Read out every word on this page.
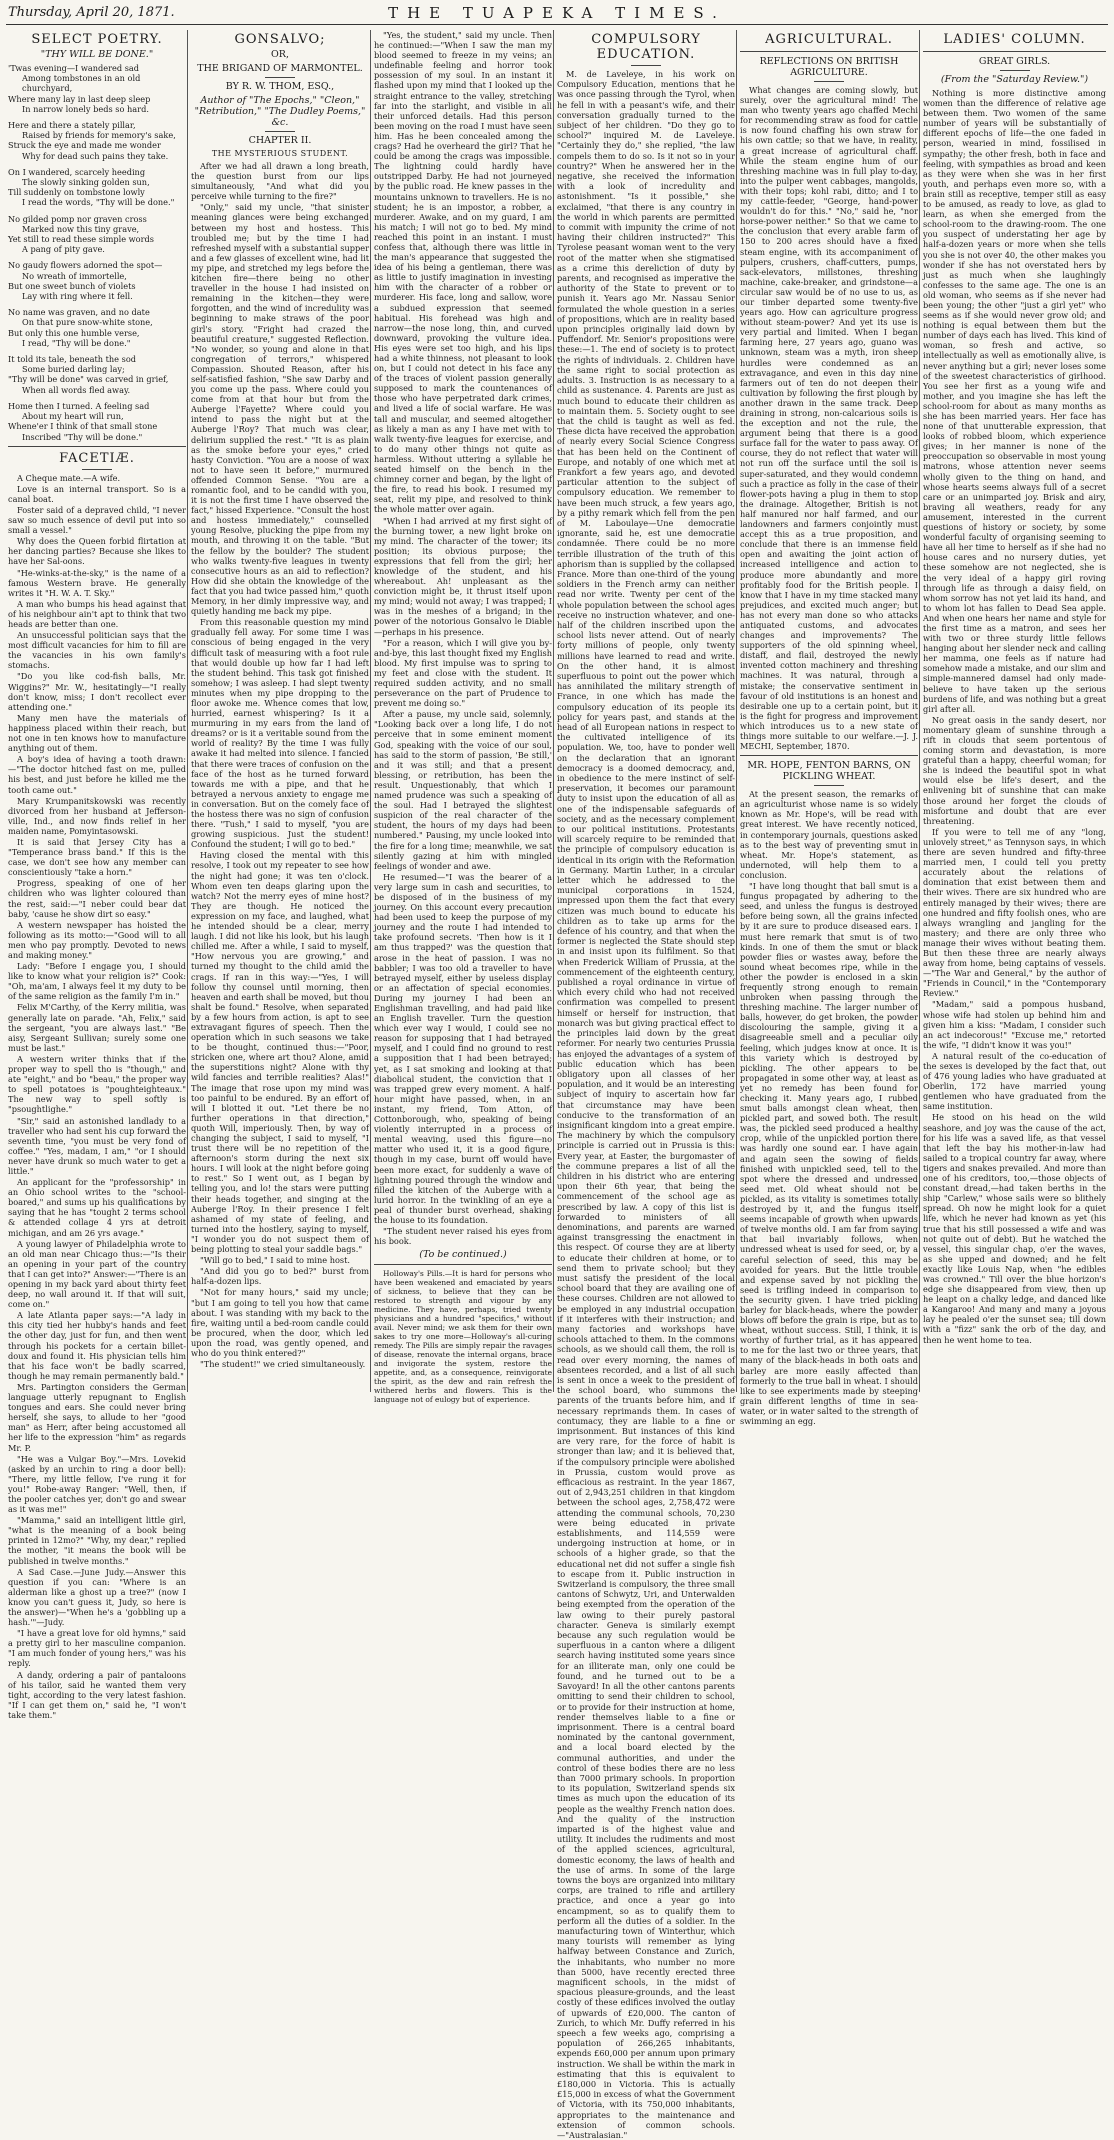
Thursday, April 20, 1871.	THE TUAPEKA TIMES.
SELECT POETRY.
"THY WILL BE DONE."

'Twas evening—I wandered sad

Among tombstones in an old churchyard,

Where many lay in last deep sleep

In narrow lonely beds so hard.

Here and there a stately pillar,

Raised by friends for memory's sake,

Struck the eye and made me wonder

Why for dead such pains they take.

On I wandered, scarcely heeding

The slowly sinking golden sun,

Till suddenly on tombstone lowly

I read the words, "Thy will be done."

No gilded pomp nor graven cross

Marked now this tiny grave,

Yet still to read these simple words

A pang of pity gave.

No gaudy flowers adorned the spot—

No wreath of immortelle,

But one sweet bunch of violets

Lay with ring where it fell.

No name was graven, and no date

On that pure snow-white stone,

But only this one humble verse,

I read, "Thy will be done."

It told its tale, beneath the sod

Some buried darling lay;

"Thy will be done" was carved in grief,

When all words fled away.

Home then I turned. A feeling sad

About my heart will run,

Whene'er I think of that small stone

Inscribed "Thy will be done."

FACETIÆ.

A Cheque mate.—A wife.

Love is an internal transport. So is a canal boat.

Foster said of a depraved child, "I never saw so much essence of devil put into so small a vessel."

Why does the Queen forbid flirtation at her dancing parties? Because she likes to have her Sal-oons.

"He-winks-at-the-sky," is the name of a famous Western brave. He generally writes it "H. W. A. T. Sky."

A man who bumps his head against that of his neighbour ain't apt to think that two heads are better than one.

An unsuccessful politician says that the most difficult vacancies for him to fill are the vacancies in his own family's stomachs.

"Do you like cod-fish balls, Mr. Wiggins?" Mr. W., hesitatingly—"I really don't know, miss; I don't recollect ever attending one."

Many men have the materials of happiness placed within their reach, but not one in ten knows how to manufacture anything out of them.

A boy's idea of having a tooth drawn:—"The doctor hitched fast on me, pulled his best, and just before he killed me the tooth came out."

Mary Krumpanitskowski was recently divorced from her husband at Jefferson-ville, Ind., and now finds relief in her maiden name, Pomyintasowski.

It is said that Jersey City has a "Temperance brass band." If this is the case, we don't see how any member can conscientiously "take a horn."

Progress, speaking of one of her children who was lighter coloured than the rest, said:—"I neber could bear dat baby, 'cause he show dirt so easy."

A western newspaper has hoisted the following as its motto:—"Good will to all men who pay promptly. Devoted to news and making money."

Lady: "Before I engage you, I should like to know what your religion is?" Cook: "Oh, ma'am, I always feel it my duty to be of the same religion as the family I'm in."

Felix M'Carthy, of the Kerry militia, was generally late on parade. "Ah, Felix," said the sergeant, "you are always last." "Be aisy, Sergeant Sullivan; surely some one must be last."

A western writer thinks that if the proper way to spell tho is "though," and ate "eight," and bo "beau," the proper way to spell potatoes is "poughteighteaux." The new way to spell softly is "psoughtlighe."

"Sir," said an astonished landlady to a traveller who had sent his cup forward the seventh time, "you must be very fond of coffee." "Yes, madam, I am," "or I should never have drunk so much water to get a little."

An applicant for the "professorship" in an Ohio school writes to the "school-boared," and sums up his qualifications by saying that he has "tought 2 terms school & attended collage 4 yrs at detroit michigan, and am 26 yrs avage."

A young lawyer of Philadelphia wrote to an old man near Chicago thus:—"Is their an opening in your part of the country that I can get into?" Answer:—"There is an opening in my back yard about thirty feet deep, no wall around it. If that will suit, come on."

A late Atlanta paper says:—"A lady in this city tied her hubby's hands and feet the other day, just for fun, and then went through his pockets for a certain billet-doux and found it. His physician tells him that his face won't be badly scarred, though he may remain permanently bald."

Mrs. Partington considers the German language utterly repugnant to English tongues and ears. She could never bring herself, she says, to allude to her "good man" as Herr, after being accustomed all her life to the expression "him" as regards Mr. P.

"He was a Vulgar Boy."—Mrs. Lovekid (asked by an urchin to ring a door bell): "There, my little fellow, I've rung it for you!" Robe-away Ranger: "Well, then, if the pooler catches yer, don't go and swear as it was me!"

"Mamma," said an intelligent little girl, "what is the meaning of a book being printed in 12mo?" "Why, my dear," replied the mother, "it means the book will be published in twelve months."

A Sad Case.—June Judy.—Answer this question if you can: "Where is an alderman like a ghost up a tree?" (now I know you can't guess it, Judy, so here is the answer)—"When he's a 'gobbling up a hash.'"—Judy.

"I have a great love for old hymns," said a pretty girl to her masculine companion. "I am much fonder of young hers," was his reply.

A dandy, ordering a pair of pantaloons of his tailor, said he wanted them very tight, according to the very latest fashion. "If I can get them on," said he, "I won't take them."

GONSALVO;
OR,
THE BRIGAND OF MARMONTEL.
BY R. W. THOM, ESQ.,
Author of "The Epochs," "Cleon," "Retribution," "The Dudley Poems," &c.
CHAPTER II.
THE MYSTERIOUS STUDENT.

After we had all drawn a long breath, the question burst from our lips simultaneously, "And what did you perceive while turning to the fire?"

"Only," said my uncle, "that sinister meaning glances were being exchanged between my host and hostess. This troubled me; but by the time I had refreshed myself with a substantial supper and a few glasses of excellent wine, had lit my pipe, and stretched my legs before the kitchen fire—there being no other traveller in the house I had insisted on remaining in the kitchen—they were forgotten, and the wind of incredulity was beginning to make straws of the poor girl's story. "Fright had crazed the beautiful creature," suggested Reflection. "No wonder, so young and alone in that congregation of terrors," whispered Compassion. Shouted Reason, after his self-satisfied fashion, "She saw Darby and you come up the pass. Where could you come from at that hour but from the Auberge l'Fayette? Where could you intend to pass the night but at the Auberge l'Roy? That much was clear, delirium supplied the rest." "It is as plain as the smoke before your eyes," cried hasty Conviction. "You are a noose of wax not to have seen it before," murmured offended Common Sense. "You are a romantic fool, and to be candid with you, it is not the first time I have observed the fact," hissed Experience. "Consult the host and hostess immediately," counselled young Resolve, plucking the pipe from my mouth, and throwing it on the table. "But the fellow by the boulder? The student who walks twenty-five leagues in twenty consecutive hours as an aid to reflection? How did she obtain the knowledge of the fact that you had twice passed him," quoth Memory, in her dimly impressive way, and quietly handing me back my pipe.

From this reasonable question my mind gradually fell away. For some time I was conscious of being engaged in the very difficult task of measuring with a foot rule that would double up how far I had left the student behind. This task got finished somehow; I was asleep. I had slept twenty minutes when my pipe dropping to the floor awoke me. Whence comes that low, hurried, earnest whispering? Is it a murmuring in my ears from the land of dreams? or is it a veritable sound from the world of reality? By the time I was fully awake it had melted into silence. I fancied that there were traces of confusion on the face of the host as he turned forward towards me with a pipe, and that he betrayed a nervous anxiety to engage me in conversation. But on the comely face of the hostess there was no sign of confusion there. "Tush," I said to myself, "you are growing suspicious. Just the student! Confound the student; I will go to bed."

Having closed the mental with this resolve, I took out my repeater to see how the night had gone; it was ten o'clock. Whom even ten deaps glaring upon the watch? Not the merry eyes of mine host? They are though. He noticed the expression on my face, and laughed, what he intended should be a clear, merry laugh. I did not like his look, but his laugh chilled me. After a while, I said to myself, "How nervous you are growing," and turned my thought to the child amid the crags. If ran in this way:—"Yes, I will follow thy counsel until morning, then heaven and earth shall be moved, but thou shalt be found." Resolve, when separated by a few hours from action, is apt to see extravagant figures of speech. Then the operation which in such seasons we take to be thought, continued thus:—"Poor, stricken one, where art thou? Alone, amid the superstitions night? Alone with thy wild fancies and terrible realities? Alas!" The image that rose upon my mind was too painful to be endured. By an effort of will I blotted it out. "Let there be no further operations in that direction," quoth Will, imperiously. Then, by way of changing the subject, I said to myself, "I trust there will be no repetition of the afternoon's storm during the next six hours. I will look at the night before going to rest." So I went out, as I began by telling you, and lo! the stars were putting their heads together, and singing at the Auberge l'Roy. In their presence I felt ashamed of my state of feeling, and turned into the hostlery, saying to myself, "I wonder you do not suspect them of being plotting to steal your saddle bags."

"Will go to bed," I said to mine host.

"And did you go to bed?" burst from half-a-dozen lips.

"Not for many hours," said my uncle; "but I am going to tell you how that came about. I was standing with my back to the fire, waiting until a bed-room candle could be procured, when the door, which led upon the road, was gently opened, and who do you think entered?"

"The student!" we cried simultaneously.

"Yes, the student," said my uncle. Then he continued:—"When I saw the man my blood seemed to freeze in my veins; an undefinable feeling and horror took possession of my soul. In an instant it flashed upon my mind that I looked up the straight entrance to the valley, stretching far into the starlight, and visible in all their unforced details. Had this person been moving on the road I must have seen him. Has he been concealed among the crags? Had he overheard the girl? That he could be among the crags was impossible. The lightning could hardly have outstripped Darby. He had not journeyed by the public road. He knew passes in the mountains unknown to travellers. He is no student; he is an impostor, a robber, a murderer. Awake, and on my guard, I am his match; I will not go to bed. My mind reached this point in an instant. I must confess that, although there was little in the man's appearance that suggested the idea of his being a gentleman, there was as little to justify imagination in investing him with the character of a robber or murderer. His face, long and sallow, wore a subdued expression that seemed habitual. His forehead was high and narrow—the nose long, thin, and curved downward, provoking the vulture idea. His eyes were set too high, and his lips had a white thinness, not pleasant to look on, but I could not detect in his face any of the traces of violent passion generally supposed to mark the countenances of those who have perpetrated dark crimes, and lived a life of social warfare. He was tall and muscular, and seemed altogether as likely a man as any I have met with to walk twenty-five leagues for exercise, and to do many other things not quite as harmless. Without uttering a syllable he seated himself on the bench in the chimney corner and began, by the light of the fire, to read his book. I resumed my seat, relit my pipe, and resolved to think the whole matter over again.

"When I had arrived at my first sight of the burning tower, a new light broke on my mind. The character of the tower; its position; its obvious purpose; the expressions that fell from the girl; her knowledge of the student, and his whereabout. Ah! unpleasant as the conviction might be, it thrust itself upon my mind; would not away; I was trapped; I was in the meshes of a brigand; in the power of the notorious Gonsalvo le Diable—perhaps in his presence.

"For a reason, which I will give you by-and-bye, this last thought fixed my English blood. My first impulse was to spring to my feet and close with the student. It required sudden activity, and no small perseverance on the part of Prudence to prevent me doing so."

After a pause, my uncle said, solemnly, "Looking back over a long life, I do not perceive that in some eminent moment God, speaking with the voice of our soul, has said to the storm of passion, 'Be still,' and it was still; and that a present blessing, or retribution, has been the result. Unquestionably, that which I named prudence was such a speaking of the soul. Had I betrayed the slightest suspicion of the real character of the student, the hours of my days had been numbered." Pausing, my uncle looked into the fire for a long time; meanwhile, we sat silently gazing at him with mingled feelings of wonder and awe.

He resumed—"I was the bearer of a very large sum in cash and securities, to be disposed of in the business of my journey. On this account every precaution had been used to keep the purpose of my journey and the route I had intended to take profound secrets. 'Then how is it I am thus trapped?' was the question that arose in the heat of passion. I was no babbler; I was too old a traveller to have betrayed myself, either by useless display or an affectation of special economies. During my journey I had been an Englishman travelling, and had paid like an English traveller. Turn the question which ever way I would, I could see no reason for supposing that I had betrayed myself, and I could find no ground to rest a supposition that I had been betrayed; yet, as I sat smoking and looking at that diabolical student, the conviction that I was trapped grew every moment. A half-hour might have passed, when, in an instant, my friend, Tom Atton, of Cottonborough, who, speaking of being violently interrupted in a process of mental weaving, used this figure—no matter who used it, it is a good figure, though in my case, burnt off would have been more exact, for suddenly a wave of lightning poured through the window and filled the kitchen of the Auberge with a lurid horror. In the twinkling of an eye a peal of thunder burst overhead, shaking the house to its foundation.

"The student never raised his eyes from his book.

(To be continued.)

Holloway's Pills.—It is hard for persons who have been weakened and emaciated by years of sickness, to believe that they can be restored to strength and vigour by any medicine. They have, perhaps, tried twenty physicians and a hundred "specifics," without avail. Never mind; we ask them for their own sakes to try one more—Holloway's all-curing remedy. The Pills are simply repair the ravages of disease, renovate the internal organs, brace and invigorate the system, restore the appetite, and, as a consequence, reinvigorate the spirit, as the dew and rain refresh the withered herbs and flowers. This is the language not of eulogy but of experience.

COMPULSORY EDUCATION.

M. de Laveleye, in his work on Compulsory Education, mentions that he was once passing through the Tyrol, when he fell in with a peasant's wife, and their conversation gradually turned to the subject of her children. "Do they go to school?" inquired M. de Laveleye. "Certainly they do," she replied, "the law compels them to do so. Is it not so in your country?" When he answered her in the negative, she received the information with a look of incredulity and astonishment. "Is it possible," she exclaimed, "that there is any country in the world in which parents are permitted to commit with impunity the crime of not having their children instructed?" This Tyrolese peasant woman went to the very root of the matter when she stigmatised as a crime this dereliction of duty by parents, and recognised as imperative the authority of the State to prevent or to punish it. Years ago Mr. Nassau Senior formulated the whole question in a series of propositions, which are in reality based upon principles originally laid down by Puffendorf. Mr. Senior's propositions were these:—1. The end of society is to protect the rights of individuals. 2. Children have the same right to social protection as adults. 3. Instruction is as necessary to a child as sustenance. 4. Parents are just as much bound to educate their children as to maintain them. 5. Society ought to see that the child is taught as well as fed. These dicta have received the approbation of nearly every Social Science Congress that has been held on the Continent of Europe, and notably of one which met at Frankfort a few years ago, and devoted particular attention to the subject of compulsory education. We remember to have been much struck, a few years ago, by a pithy remark which fell from the pen of M. Laboulaye—Une democratie ignorante, said he, est une democratie condamnée. There could be no more terrible illustration of the truth of this aphorism than is supplied by the collapsed France. More than one-third of the young soldiers in the French army can neither read nor write. Twenty per cent of the whole population between the school ages receive no instruction whatever, and one-half of the children inscribed upon the school lists never attend. Out of nearly forty millions of people, only twenty millions have learned to read and write. On the other hand, it is almost superfluous to point out the power which has annihilated the military strength of France, in one which has made the compulsory education of its people its policy for years past, and stands at the head of all European nations in respect to the cultivated intelligence of its population. We, too, have to ponder well on the declaration that an ignorant democracy is a doomed democracy, and, in obedience to the mere instinct of self-preservation, it becomes our paramount duty to insist upon the education of all as one of the indispensable safeguards of society, and as the necessary complement to our political institutions. Protestants will scarcely require to be reminded that the principle of compulsory education is identical in its origin with the Reformation in Germany. Martin Luther, in a circular letter which he addressed to the municipal corporations in 1524, impressed upon them the fact that every citizen was much bound to educate his children as to take up arms for the defence of his country, and that when the former is neglected the State should step in and insist upon its fulfilment. So that when Frederick William of Prussia, at the commencement of the eighteenth century, published a royal ordinance in virtue of which every child who had not received confirmation was compelled to present himself or herself for instruction, that monarch was but giving practical effect to the principles laid down by the great reformer. For nearly two centuries Prussia has enjoyed the advantages of a system of public education which has been obligatory upon all classes of her population, and it would be an interesting subject of inquiry to ascertain how far that circumstance may have been conducive to the transformation of an insignificant kingdom into a great empire. The machinery by which the compulsory principle is carried out in Prussia is this: Every year, at Easter, the burgomaster of the commune prepares a list of all the children in his district who are entering upon their 6th year, that being the commencement of the school age as prescribed by law. A copy of this list is forwarded to ministers of all denominations, and parents are warned against transgressing the enactment in this respect. Of course they are at liberty to educate their children at home, or to send them to private school; but they must satisfy the president of the local school board that they are availing one of these courses. Children are not allowed to be employed in any industrial occupation if it interferes with their instruction; and many factories and workshops have schools attached to them. In the commons schools, as we should call them, the roll is read over every morning, the names of absentees recorded, and a list of all such is sent in once a week to the president of the school board, who summons the parents of the truants before him, and if necessary reprimands them. In cases of contumacy, they are liable to a fine or imprisonment. But instances of this kind are very rare, for the force of habit is stronger than law; and it is believed that, if the compulsory principle were abolished in Prussia, custom would prove as efficacious as restraint. In the year 1867, out of 2,943,251 children in that kingdom between the school ages, 2,758,472 were attending the communal schools, 70,230 were being educated in private establishments, and 114,559 were undergoing instruction at home, or in schools of a higher grade, so that the educational net did not suffer a single fish to escape from it. Public instruction in Switzerland is compulsory, the three small cantons of Schwytz, Uri, and Unterwalden being exempted from the operation of the law owing to their purely pastoral character. Geneva is similarly exempt because any such regulation would be superfluous in a canton where a diligent search having instituted some years since for an illiterate man, only one could be found, and he turned out to be a Savoyard! In all the other cantons parents omitting to send their children to school, or to provide for their instruction at home, render themselves liable to a fine or imprisonment. There is a central board nominated by the cantonal government, and a local board elected by the communal authorities, and under the control of these bodies there are no less than 7000 primary schools. In proportion to its population, Switzerland spends six times as much upon the education of its people as the wealthy French nation does. And the quality of the instruction imparted is of the highest value and utility. It includes the rudiments and most of the applied sciences, agricultural, domestic economy, the laws of health and the use of arms. In some of the large towns the boys are organized into military corps, are trained to rifle and artillery practice, and once a year go into encampment, so as to qualify them to perform all the duties of a soldier. In the manufacturing town of Winterthur, which many tourists will remember as lying halfway between Constance and Zurich, the inhabitants, who number no more than 5000, have recently erected three magnificent schools, in the midst of spacious pleasure-grounds, and the least costly of these edifices involved the outlay of upwards of £20,000. The canton of Zurich, to which Mr. Duffy referred in his speech a few weeks ago, comprising a population of 266,265 inhabitants, expends £60,000 per annum upon primary instruction. We shall be within the mark in estimating that this is equivalent to £180,000 in Victoria. This is actually £15,000 in excess of what the Government of Victoria, with its 750,000 inhabitants, appropriates to the maintenance and extension of common schools.—"Australasian."

AGRICULTURAL.
REFLECTIONS ON BRITISH AGRICULTURE.

What changes are coming slowly, but surely, over the agricultural mind! The man who twenty years ago chaffed Mechi for recommending straw as food for cattle is now found chaffing his own straw for his own cattle; so that we have, in reality, a great increase of agricultural chaff. While the steam engine hum of our threshing machine was in full play to-day, into the pulper went cabbages, mangolds, with their tops; kohl rabi, ditto; and I to my cattle-feeder, "George, hand-power wouldn't do for this." "No," said he, "nor horse-power neither." So that we came to the conclusion that every arable farm of 150 to 200 acres should have a fixed steam engine, with its accompaniment of pulpers, crushers, chaff-cutters, pumps, sack-elevators, millstones, threshing machine, cake-breaker, and grindstone—a circular saw would be of no use to us, as our timber departed some twenty-five years ago. How can agriculture progress without steam-power? And yet its use is very partial and limited. When I began farming here, 27 years ago, guano was unknown, steam was a myth, iron sheep hurdles were condemned as an extravagance, and even in this day nine farmers out of ten do not deepen their cultivation by following the first plough by another drawn in the same track. Deep draining in strong, non-calcarious soils is the exception and not the rule, the argument being that there is a good surface fall for the water to pass away. Of course, they do not reflect that water will not run off the surface until the soil is super-saturated, and they would condemn such a practice as folly in the case of their flower-pots having a plug in them to stop the drainage. Altogether, British is not half manured nor half farmed, and our landowners and farmers conjointly must accept this as a true proposition, and conclude that there is an immense field open and awaiting the joint action of increased intelligence and action to produce more abundantly and more profitably food for the British people. I know that I have in my time stacked many prejudices, and excited much anger; but has not every man done so who attacks antiquated customs, and advocates changes and improvements? The supporters of the old spinning wheel, distaff, and flail, destroyed the newly invented cotton machinery and threshing machines. It was natural, through a mistake; the conservative sentiment in favour of old institutions is an honest and desirable one up to a certain point, but it is the fight for progress and improvement which introduces us to a new state of things more suitable to our welfare.—J. J. MECHI, September, 1870.

MR. HOPE, FENTON BARNS, ON PICKLING WHEAT.

At the present season, the remarks of an agriculturist whose name is so widely known as Mr. Hope's, will be read with great interest. We have recently noticed, in contemporary journals, questions asked as to the best way of preventing smut in wheat. Mr. Hope's statement, as undernoted, will help them to a conclusion.

"I have long thought that ball smut is a fungus propagated by adhering to the seed, and unless the fungus is destroyed before being sown, all the grains infected by it are sure to produce diseased ears. I must here remark that smut is of two kinds. In one of them the smut or black powder flies or wastes away, before the sound wheat becomes ripe, while in the other the powder is enclosed in a skin frequently strong enough to remain unbroken when passing through the threshing machine. The larger number of balls, however, do get broken, the powder discolouring the sample, giving it a disagreeable smell and a peculiar oily feeling, which judges know at once. It is this variety which is destroyed by pickling. The other appears to be propagated in some other way, at least as yet no remedy has been found for checking it. Many years ago, I rubbed smut balls amongst clean wheat, then pickled part, and sowed both. The result was, the pickled seed produced a healthy crop, while of the unpickled portion there was hardly one sound ear. I have again and again seen the sowing of fields finished with unpickled seed, tell to the spot where the dressed and undressed seed met. Old wheat should not be pickled, as its vitality is sometimes totally destroyed by it, and the fungus itself seems incapable of growth when upwards of twelve months old. I am far from saying that bail invariably follows, when undressed wheat is used for seed, or, by a careful selection of seed, this may be avoided for years. But the little trouble and expense saved by not pickling the seed is trifling indeed in comparison to the security given. I have tried pickling barley for black-heads, where the powder blows off before the grain is ripe, but as to wheat, without success. Still, I think, it is worthy of further trial, as it has appeared to me for the last two or three years, that many of the black-heads in both oats and barley are more easily affected than formerly to the true ball in wheat. I should like to see experiments made by steeping grain different lengths of time in sea-water, or in water salted to the strength of swimming an egg.

LADIES' COLUMN.
GREAT GIRLS.
(From the "Saturday Review.")

Nothing is more distinctive among women than the difference of relative age between them. Two women of the same number of years will be substantially of different epochs of life—the one faded in person, wearied in mind, fossilised in sympathy; the other fresh, both in face and feeling, with sympathies as broad and keen as they were when she was in her first youth, and perhaps even more so, with a brain still as receptive, temper still as easy to be amused, as ready to love, as glad to learn, as when she emerged from the school-room to the drawing-room. The one you suspect of understating her age by half-a-dozen years or more when she tells you she is not over 40, the other makes you wonder if she has not overstated hers by just as much when she laughingly confesses to the same age. The one is an old woman, who seems as if she never had been young; the other "just a girl yet" who seems as if she would never grow old; and nothing is equal between them but the number of days each has lived. This kind of woman, so fresh and active, so intellectually as well as emotionally alive, is never anything but a girl; never loses some of the sweetest characteristics of girlhood. You see her first as a young wife and mother, and you imagine she has left the school-room for about as many months as she has been married years. Her face has none of that unutterable expression, that looks of robbed bloom, which experience gives; in her manner is none of the preoccupation so observable in most young matrons, whose attention never seems wholly given to the thing on hand, and whose hearts seems always full of a secret care or an unimparted joy. Brisk and airy, braving all weathers, ready for any amusement, interested in the current questions of history or society, by some wonderful faculty of organising seeming to have all her time to herself as if she had no house cares and no nursery duties, yet these somehow are not neglected, she is the very ideal of a happy girl roving through life as through a daisy field, on whom sorrow has not yet laid its hand, and to whom lot has fallen to Dead Sea apple. And when one hears her name and style for the first time as a matron, and sees her with two or three sturdy little fellows hanging about her slender neck and calling her mamma, one feels as if nature had somehow made a mistake, and our slim and simple-mannered damsel had only made-believe to have taken up the serious burdens of life, and was nothing but a great girl after all.

No great oasis in the sandy desert, nor momentary gleam of sunshine through a rift in clouds that seem portentous of coming storm and devastation, is more grateful than a happy, cheerful woman; for she is indeed the beautiful spot in what would else be life's desert, and the enlivening bit of sunshine that can make those around her forget the clouds of misfortune and doubt that are ever threatening.

If you were to tell me of any "long, unlovely street," as Tennyson says, in which there are seven hundred and fifty-three married men, I could tell you pretty accurately about the relations of domination that exist between them and their wives. There are six hundred who are entirely managed by their wives; there are one hundred and fifty foolish ones, who are always wrangling and jangling for the mastery; and there are only three who manage their wives without beating them. But then these three are nearly always away from home, being captains of vessels.—"The War and General," by the author of "Friends in Council," in the "Contemporary Review."

"Madam," said a pompous husband, whose wife had stolen up behind him and given him a kiss: "Madam, I consider such an act indecorous!" "Excuse me," retorted the wife, "I didn't know it was you!"

A natural result of the co-education of the sexes is developed by the fact that, out of 476 young ladies who have graduated at Oberlin, 172 have married young gentlemen who have graduated from the same institution.

He stood on his head on the wild seashore, and joy was the cause of the act, for his life was a saved life, as that vessel that left the bay his mother-in-law had sailed to a tropical country far away, where tigers and snakes prevailed. And more than one of his creditors, too,—those objects of constant dread,—had taken berths in the ship "Carlew," whose sails were so blithely spread. Oh now he might look for a quiet life, which he never had known as yet (his true that his still possessed a wife and was not quite out of debt). But he watched the vessel, this singular chap, o'er the waves, as she upped and downed; and he felt exactly like Louis Nap, when "he edibles was crowned." Till over the blue horizon's edge she disappeared from view, then up he leapt on a chalky ledge, and danced like a Kangaroo! And many and many a joyous lay he pealed o'er the sunset sea; till down with a "fizz" sank the orb of the day, and then he went home to tea.
